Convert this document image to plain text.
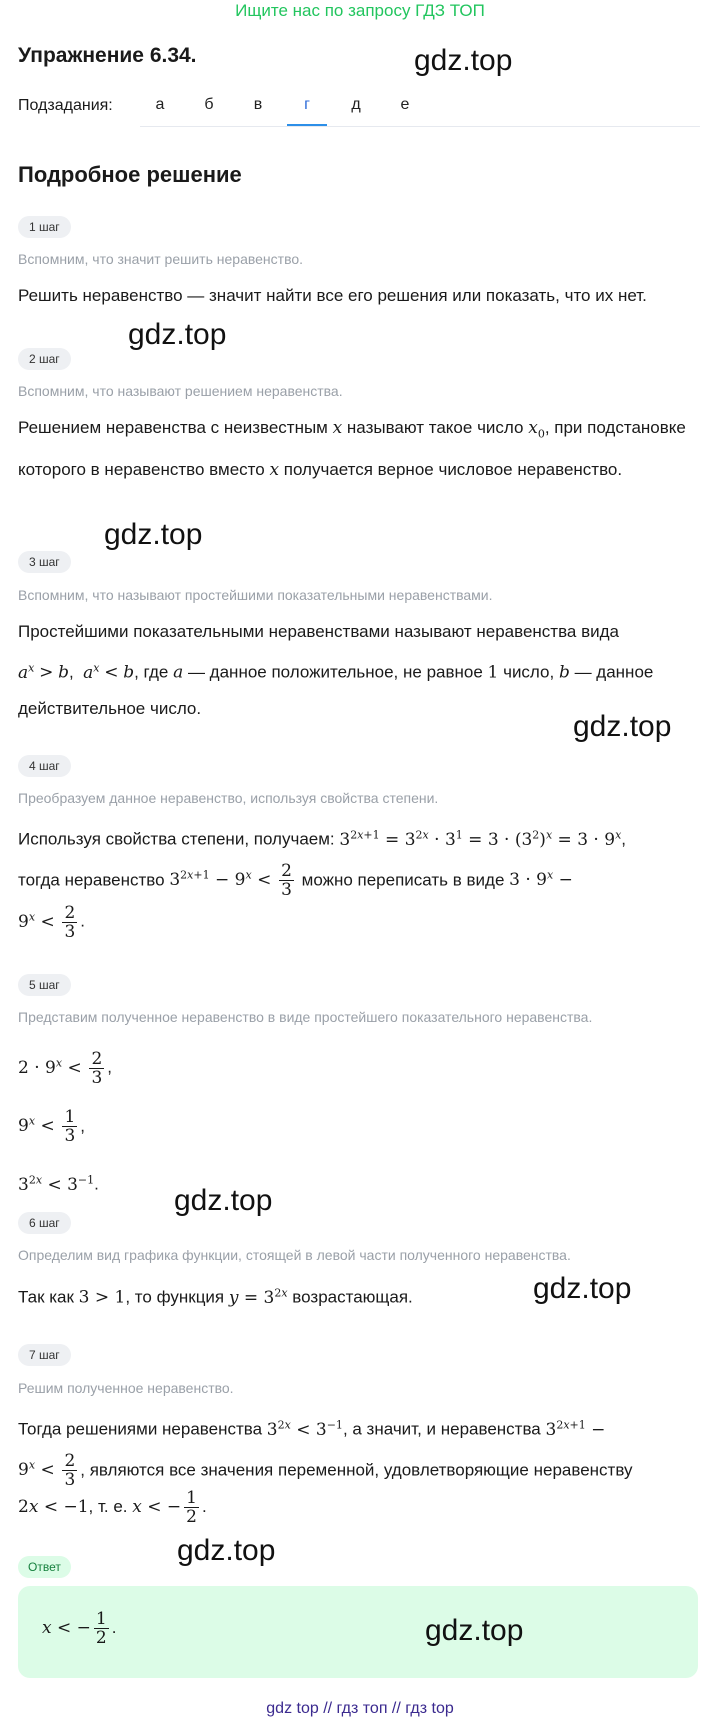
Ищите нас по запросу ГДЗ ТОП
Упражнение 6.34.	gdz.top
Подзадания:	а	б	в	г	д	е
Подробное решение
1 шаг
Вспомним, что значит решить неравенство.
Решить неравенство — значит найти все его решения или показать, что их нет.
gdz.top
2 шаг
Вспомним, что называют решением неравенства.
Решением неравенства с неизвестным x называют такое число $x_0$, при подстановке которого в неравенство вместо x получается верное числовое неравенство.
gdz.top
3 шаг
Вспомним, что называют простейшими показательными неравенствами.
Простейшими показательными неравенствами называют неравенства вида
$a^x > b$,  $a^x < b$, где a — данное положительное, не равное 1 число, b — данное действительное число.
gdz.top
4 шаг
Преобразуем данное неравенство, используя свойства степени.
Используя свойства степени, получаем: $3^{2x+1} = 3^{2x} \cdot 3^1 = 3 \cdot (3^2)^x = 3 \cdot 9^x$,
тогда неравенство $3^{2x+1} - 9^x < \frac{2}{3}$ можно переписать в виде $3 \cdot 9^x$ −
$9^x < \frac{2}{3}$ .
5 шаг
Представим полученное неравенство в виде простейшего показательного неравенства.
$2 \cdot 9^x < \frac{2}{3}$ ,
$9^x < \frac{1}{3}$ ,
$3^{2x} < 3^{-1}$.	gdz.top
6 шаг
Определим вид графика функции, стоящей в левой части полученного неравенства.
Так как 3 > 1, то функция $y = 3^{2x}$ возрастающая.	gdz.top
7 шаг
Решим полученное неравенство.
Тогда решениями неравенства $3^{2x} < 3^{-1}$, а значит, и неравенства $3^{2x+1}$ −
$9^x < \frac{2}{3}$ , являются все значения переменной, удовлетворяющие неравенству
2x < −1, т. е. x < − $\frac{1}{2}$ .
gdz.top
Ответ
x < − $\frac{1}{2}$ .	gdz.top
gdz top // гдз топ // гдз top
